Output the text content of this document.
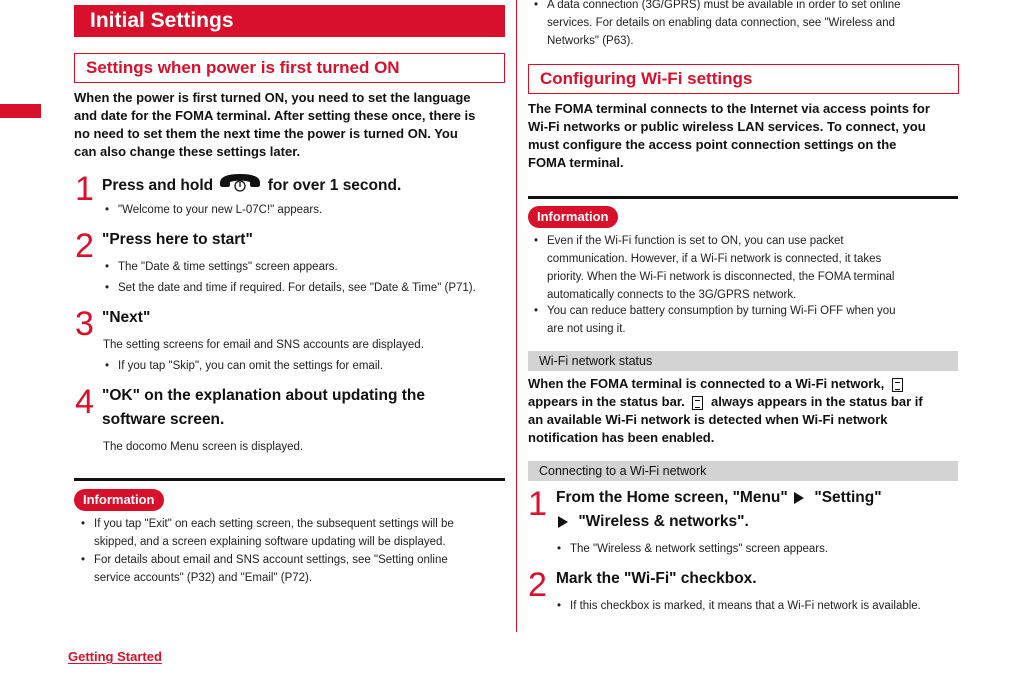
Initial Settings
Settings when power is first turned ON
When the power is first turned ON, you need to set the language
and date for the FOMA terminal. After setting these once, there is
no need to set them the next time the power is turned ON. You
can also change these settings later.
1 Press and hold	for over 1 second.
• "Welcome to your new L-07C!" appears.
2 "Press here to start"
• The "Date & time settings" screen appears.
• Set the date and time if required. For details, see "Date & Time" (P71).
3 "Next"
The setting screens for email and SNS accounts are displayed.
• If you tap "Skip", you can omit the settings for email.
4 "OK" on the explanation about updating the
software screen.
The docomo Menu screen is displayed.
Information
• If you tap "Exit" on each setting screen, the subsequent settings will be
skipped, and a screen explaining software updating will be displayed.
• For details about email and SNS account settings, see "Setting online
service accounts" (P32) and "Email" (P72).
Getting Started
• A data connection (3G/GPRS) must be available in order to set online
services. For details on enabling data connection, see "Wireless and
Networks" (P63).
Configuring Wi-Fi settings
The FOMA terminal connects to the Internet via access points for
Wi-Fi networks or public wireless LAN services. To connect, you
must configure the access point connection settings on the
FOMA terminal.
Information
• Even if the Wi-Fi function is set to ON, you can use packet
communication. However, if a Wi-Fi network is connected, it takes
priority. When the Wi-Fi network is disconnected, the FOMA terminal
automatically connects to the 3G/GPRS network.
• You can reduce battery consumption by turning Wi-Fi OFF when you
are not using it.
Wi-Fi network status
When the FOMA terminal is connected to a Wi-Fi network,
appears in the status bar. always appears in the status bar if
an available Wi-Fi network is detected when Wi-Fi network
notification has been enabled.
Connecting to a Wi-Fi network
1 From the Home screen, "Menu" "Setting"
"Wireless & networks".
• The "Wireless & network settings" screen appears.
2 Mark the "Wi-Fi" checkbox.
• If this checkbox is marked, it means that a Wi-Fi network is available.
